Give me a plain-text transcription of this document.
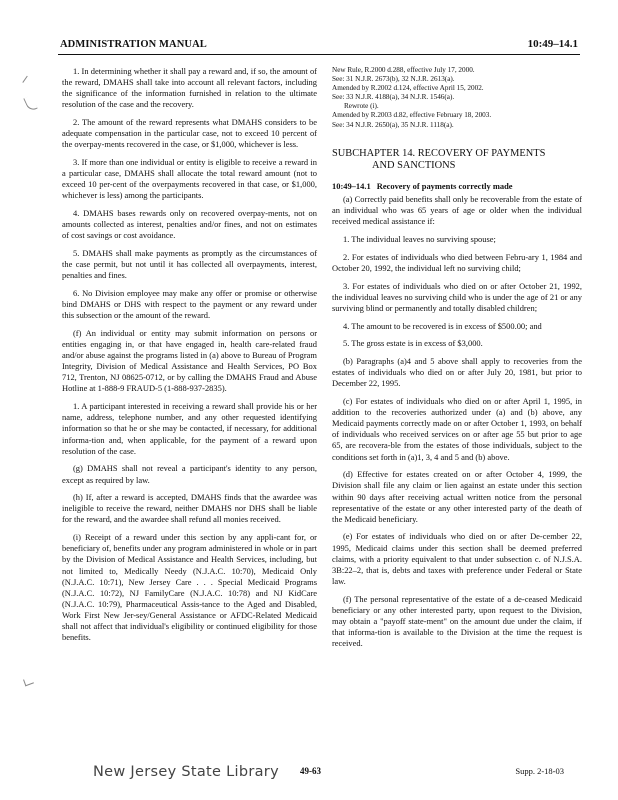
ADMINISTRATION MANUAL	10:49–14.1

1. In determining whether it shall pay a reward and, if so, the amount of the reward, DMAHS shall take into account all relevant factors, including the significance of the information furnished in relation to the ultimate resolution of the case and the recovery.

2. The amount of the reward represents what DMAHS considers to be adequate compensation in the particular case, not to exceed 10 percent of the overpay-ments recovered in the case, or $1,000, whichever is less.

3. If more than one individual or entity is eligible to receive a reward in a particular case, DMAHS shall allocate the total reward amount (not to exceed 10 per-cent of the overpayments recovered in that case, or $1,000, whichever is less) among the participants.

4. DMAHS bases rewards only on recovered overpay-ments, not on amounts collected as interest, penalties and/or fines, and not on estimates of cost savings or cost avoidance.

5. DMAHS shall make payments as promptly as the circumstances of the case permit, but not until it has collected all overpayments, interest, penalties and fines.

6. No Division employee may make any offer or promise or otherwise bind DMAHS or DHS with respect to the payment or any reward under this subsection or the amount of the reward.

(f) An individual or entity may submit information on persons or entities engaging in, or that have engaged in, health care-related fraud and/or abuse against the programs listed in (a) above to Bureau of Program Integrity, Division of Medical Assistance and Health Services, PO Box 712, Trenton, NJ 08625-0712, or by calling the DMAHS Fraud and Abuse Hotline at 1-888-9 FRAUD-5 (1-888-937-2835).

1. A participant interested in receiving a reward shall provide his or her name, address, telephone number, and any other requested identifying information so that he or she may be contacted, if necessary, for additional informa-tion and, when applicable, for the payment of a reward upon resolution of the case.

(g) DMAHS shall not reveal a participant's identity to any person, except as required by law.

(h) If, after a reward is accepted, DMAHS finds that the awardee was ineligible to receive the reward, neither DMAHS nor DHS shall be liable for the reward, and the awardee shall refund all monies received.

(i) Receipt of a reward under this section by any appli-cant for, or beneficiary of, benefits under any program administered in whole or in part by the Division of Medical Assistance and Health Services, including, but not limited to, Medically Needy (N.J.A.C. 10:70), Medicaid Only (N.J.A.C. 10:71), New Jersey Care . . . Special Medicaid Programs (N.J.A.C. 10:72), NJ FamilyCare (N.J.A.C. 10:78) and NJ KidCare (N.J.A.C. 10:79), Pharmaceutical Assis-tance to the Aged and Disabled, Work First New Jer-sey/General Assistance or AFDC-Related Medicaid shall not affect that individual's eligibility or continued eligibility for those benefits.

New Rule, R.2000 d.288, effective July 17, 2000.

See: 31 N.J.R. 2673(b), 32 N.J.R. 2613(a).

Amended by R.2002 d.124, effective April 15, 2002.

See: 33 N.J.R. 4188(a), 34 N.J.R. 1546(a).

Rewrote (i).

Amended by R.2003 d.82, effective February 18, 2003.

See: 34 N.J.R. 2650(a), 35 N.J.R. 1118(a).

SUBCHAPTER 14. RECOVERY OF PAYMENTS
AND SANCTIONS

10:49–14.1 Recovery of payments correctly made

(a) Correctly paid benefits shall only be recoverable from the estate of an individual who was 65 years of age or older when the individual received medical assistance if:

1. The individual leaves no surviving spouse;

2. For estates of individuals who died between Febru-ary 1, 1984 and October 20, 1992, the individual left no surviving child;

3. For estates of individuals who died on or after October 21, 1992, the individual leaves no surviving child who is under the age of 21 or any surviving blind or permanently and totally disabled children;

4. The amount to be recovered is in excess of $500.00; and

5. The gross estate is in excess of $3,000.

(b) Paragraphs (a)4 and 5 above shall apply to recoveries from the estates of individuals who died on or after July 20, 1981, but prior to December 22, 1995.

(c) For estates of individuals who died on or after April 1, 1995, in addition to the recoveries authorized under (a) and (b) above, any Medicaid payments correctly made on or after October 1, 1993, on behalf of individuals who received services on or after age 55 but prior to age 65, are recovera-ble from the estates of those individuals, subject to the conditions set forth in (a)1, 3, 4 and 5 and (b) above.

(d) Effective for estates created on or after October 4, 1999, the Division shall file any claim or lien against an estate under this section within 90 days after receiving actual written notice from the personal representative of the estate or any other interested party of the death of the Medicaid beneficiary.

(e) For estates of individuals who died on or after De-cember 22, 1995, Medicaid claims under this section shall be deemed preferred claims, with a priority equivalent to that under subsection c. of N.J.S.A. 3B:22–2, that is, debts and taxes with preference under Federal or State law.

(f) The personal representative of the estate of a de-ceased Medicaid beneficiary or any other interested party, upon request to the Division, may obtain a "payoff state-ment" on the amount due under the claim, if that informa-tion is available to the Division at the time the request is received.

New Jersey State Library 49-63	Supp. 2-18-03
